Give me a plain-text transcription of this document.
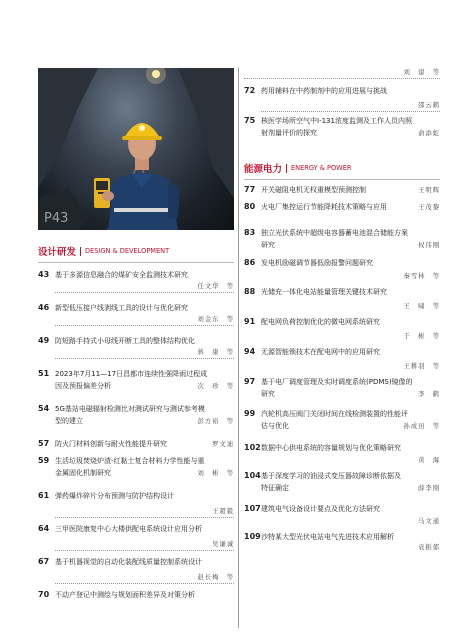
P43
设计研发 DESIGN & DEVELOPMENT
43 基于多源信息融合的煤矿安全监测技术研究
任文华　等
46 新型低压接户线剥线工具的设计与优化研究
刘金东　等
49 防短路手持式小母线开断工具的整体结构优化
蒋　康　等
51 2023年7月11—17日昌都市连续性强降雨过程成
因及预报偏差分析	次　珍　等
54 5G基站电磁辐射检测比对测试研究与测试参考模
型的建立	彭方裕　等
57 防火门材料创新与耐火性能提升研究	罗文迪
59 生活垃圾焚烧炉渣-红黏土复合材料力学性能与重
金属固化机制研究	刘　彬　等
61 弹药爆炸碎片分布预测与防护结构设计
王超毅
64 三甲医院康复中心大楼供配电系统设计应用分析
吴谦诚
67 基于机器视觉的自动化装配线质量控制系统设计
赵长梅　等
70 不动产登记中测绘与规划面积差异及对策分析
刘　建　等
72 药用辅料在中药制剂中的应用进展与挑战
邵云鹤
75 核医学场所空气中I-131浓度监测及工作人员内照
射剂量评价的探究	俞添虹
能源电力 ENERGY & POWER
77 开关磁阻电机无权重模型预测控制	王明辉
80 火电厂集控运行节能降耗技术策略与应用	王茂黎
83 独立光伏系统中超级电容器蓄电池混合储能方案
研究	权伟刚
86 发电机励磁调节器低励报警问题研究
秦雪林　等
88 光储充一体化电站能量管理关键技术研究
王　啸　等
91 配电网负荷控制优化的微电网系统研究
于　彬　等
94 无源智能锁技术在配电网中的应用研究
王耕羽　等
97 基于电厂调度管理及实时调度系统(PDMS)镜像的
研究	李　鹤
99 汽轮机高压阀门关闭时间在线检测装置的性能评
估与优化	孙成田　等
102 数据中心供电系统的容量规划与优化策略研究
黄　海
104 基于深度学习的油浸式变压器故障诊断依据及
特征确定	薛李刚
107 建筑电气设备设计要点及优化方法研究
马文通
109 沙特某大型光伏电站电气先进技术应用解析
袁振郁
